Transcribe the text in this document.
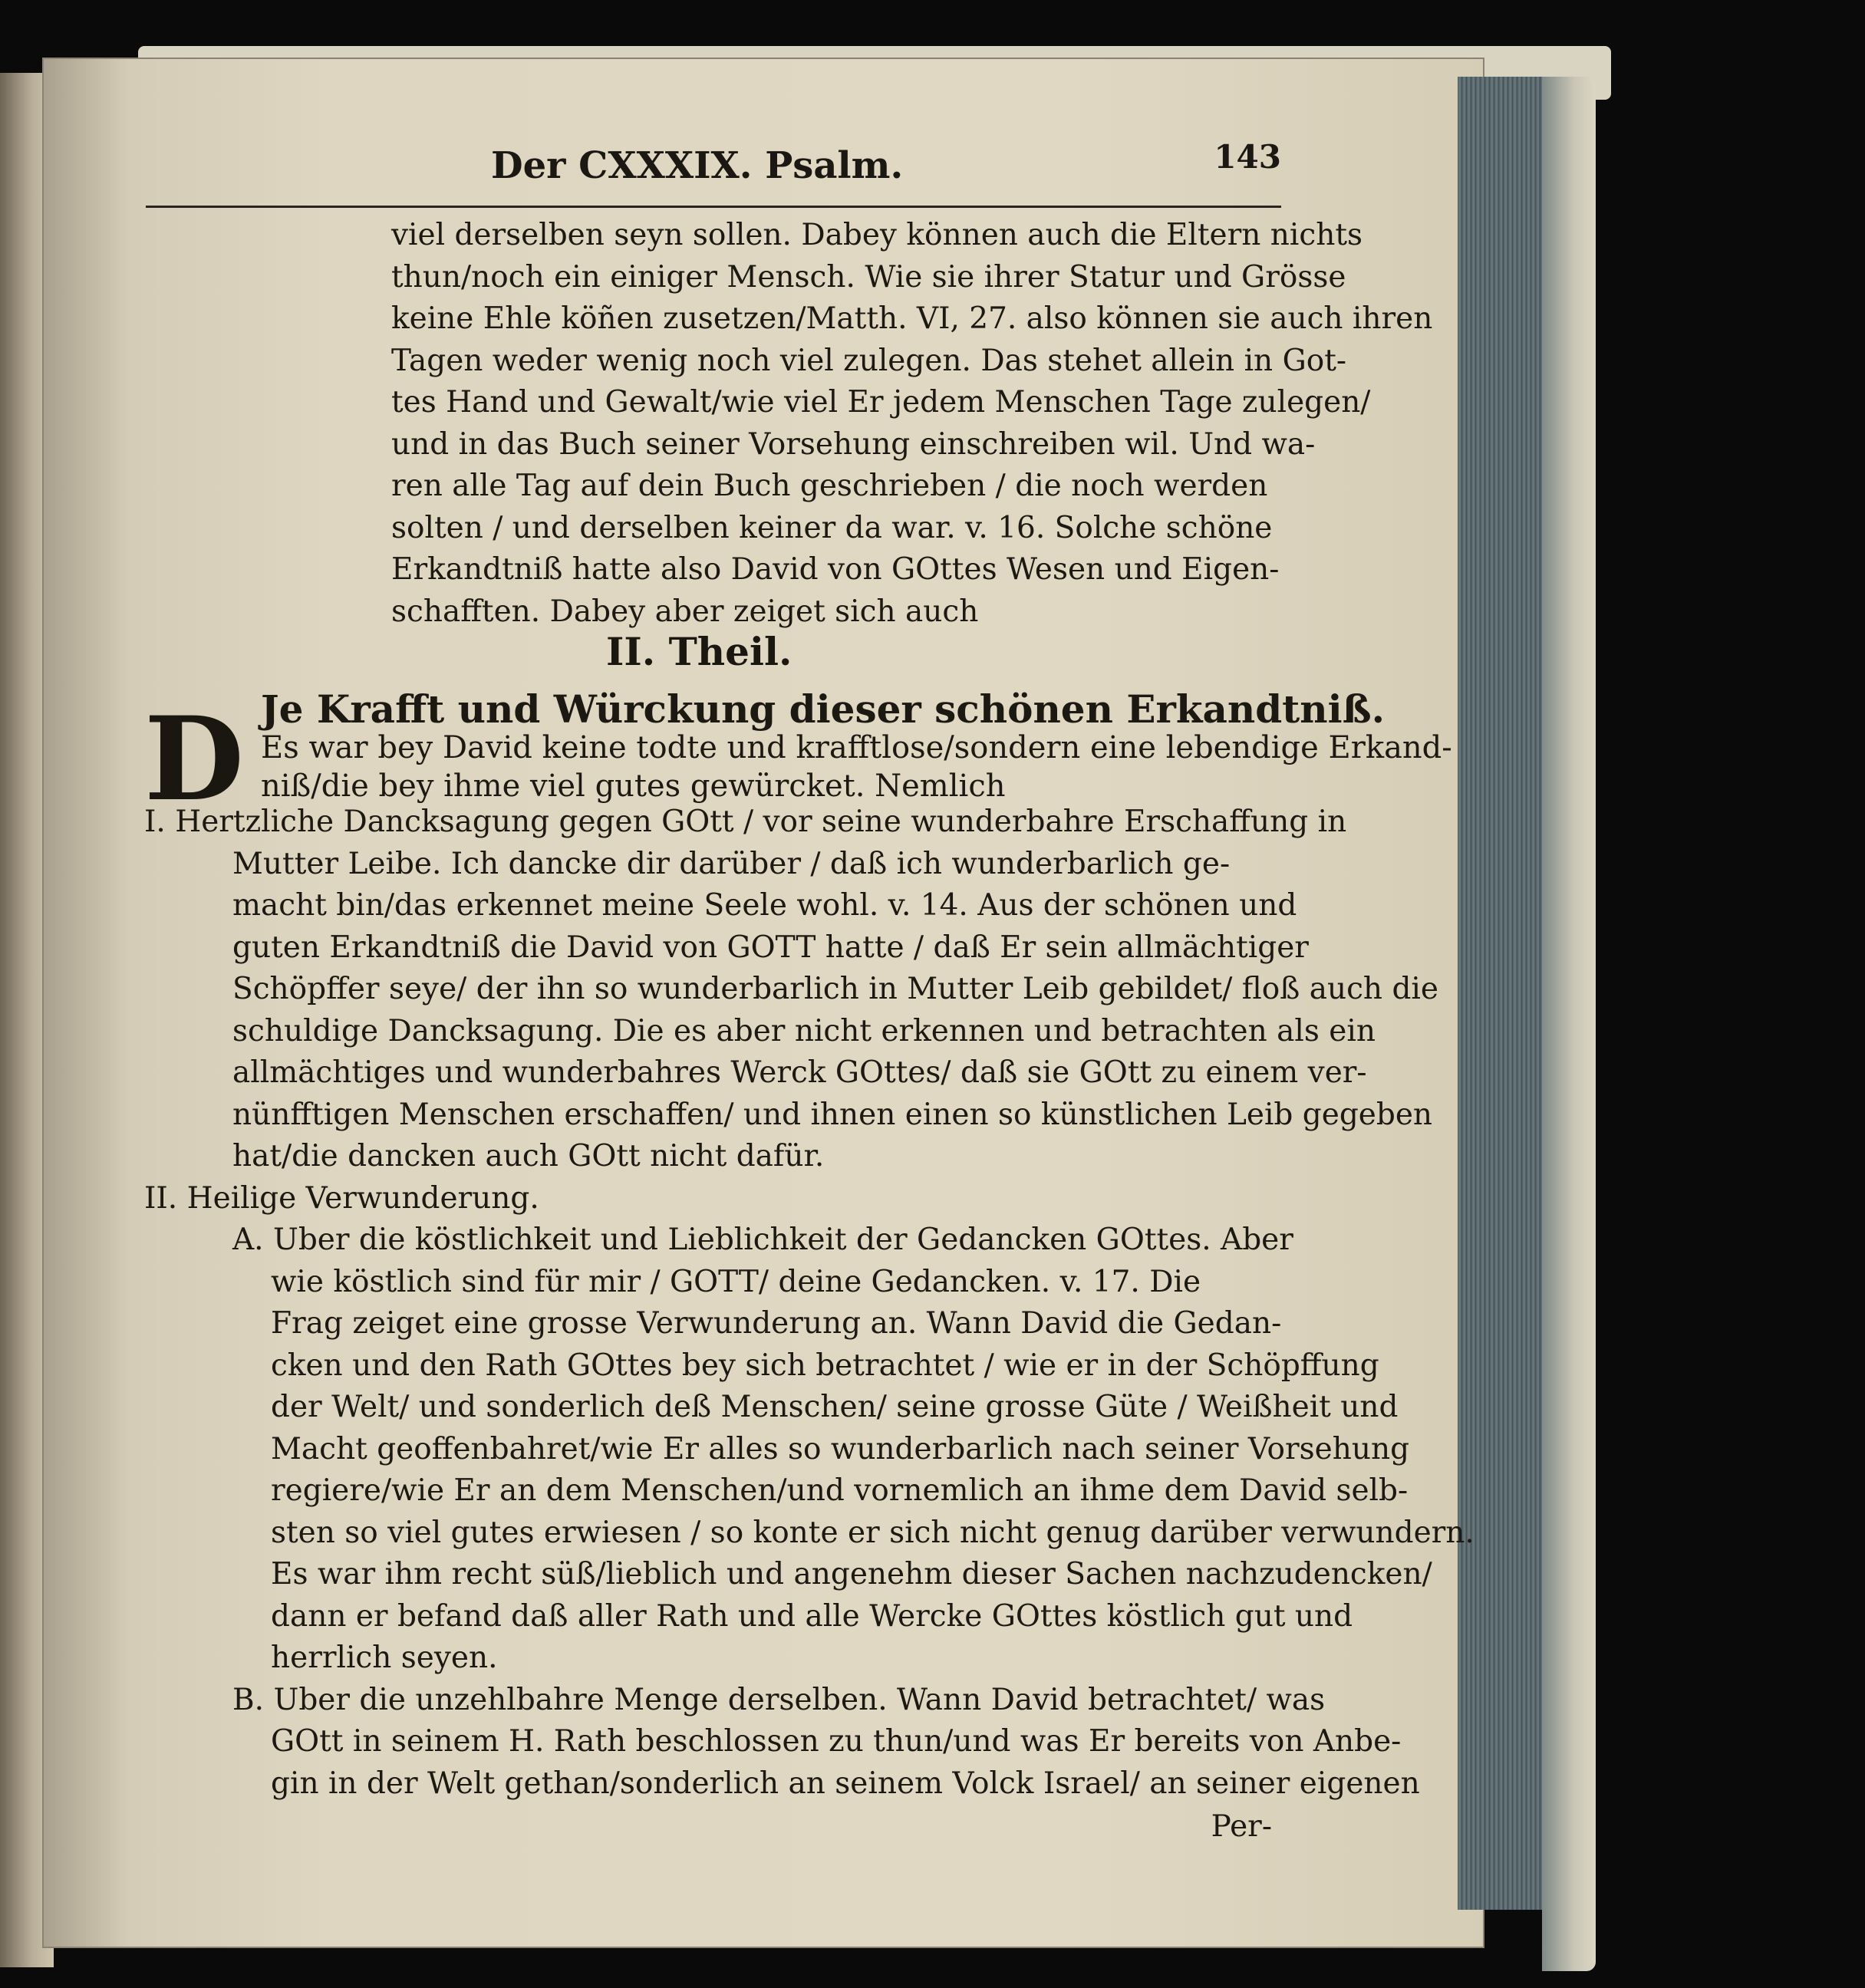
Der CXXXIX. Psalm.	143
viel derselben seyn sollen. Dabey können auch die Eltern nichts
thun/noch ein einiger Mensch. Wie sie ihrer Statur und Grösse
keine Ehle köñen zusetzen/Matth. VI, 27. also können sie auch ihren
Tagen weder wenig noch viel zulegen. Das stehet allein in Got-
tes Hand und Gewalt/wie viel Er jedem Menschen Tage zulegen/
und in das Buch seiner Vorsehung einschreiben wil. Und wa-
ren alle Tag auf dein Buch geschrieben / die noch werden
solten / und derselben keiner da war. v. 16. Solche schöne
Erkandtniß hatte also David von GOttes Wesen und Eigen-
schafften. Dabey aber zeiget sich auch
II. Theil.
D Je Krafft und Würckung dieser schönen Erkandtniß.
Es war bey David keine todte und krafftlose/sondern eine lebendige Erkand-
niß/die bey ihme viel gutes gewürcket. Nemlich
I. Hertzliche Dancksagung gegen GOtt / vor seine wunderbahre Erschaffung in
Mutter Leibe. Ich dancke dir darüber / daß ich wunderbarlich ge-
macht bin/das erkennet meine Seele wohl. v. 14. Aus der schönen und
guten Erkandtniß die David von GOTT hatte / daß Er sein allmächtiger
Schöpffer seye/ der ihn so wunderbarlich in Mutter Leib gebildet/ floß auch die
schuldige Dancksagung. Die es aber nicht erkennen und betrachten als ein
allmächtiges und wunderbahres Werck GOttes/ daß sie GOtt zu einem ver-
nünfftigen Menschen erschaffen/ und ihnen einen so künstlichen Leib gegeben
hat/die dancken auch GOtt nicht dafür.
II. Heilige Verwunderung.
A. Uber die köstlichkeit und Lieblichkeit der Gedancken GOttes. Aber
wie köstlich sind für mir / GOTT/ deine Gedancken. v. 17. Die
Frag zeiget eine grosse Verwunderung an. Wann David die Gedan-
cken und den Rath GOttes bey sich betrachtet / wie er in der Schöpffung
der Welt/ und sonderlich deß Menschen/ seine grosse Güte / Weißheit und
Macht geoffenbahret/wie Er alles so wunderbarlich nach seiner Vorsehung
regiere/wie Er an dem Menschen/und vornemlich an ihme dem David selb-
sten so viel gutes erwiesen / so konte er sich nicht genug darüber verwundern.
Es war ihm recht süß/lieblich und angenehm dieser Sachen nachzudencken/
dann er befand daß aller Rath und alle Wercke GOttes köstlich gut und
herrlich seyen.
B. Uber die unzehlbahre Menge derselben. Wann David betrachtet/ was
GOtt in seinem H. Rath beschlossen zu thun/und was Er bereits von Anbe-
gin in der Welt gethan/sonderlich an seinem Volck Israel/ an seiner eigenen
Per-
